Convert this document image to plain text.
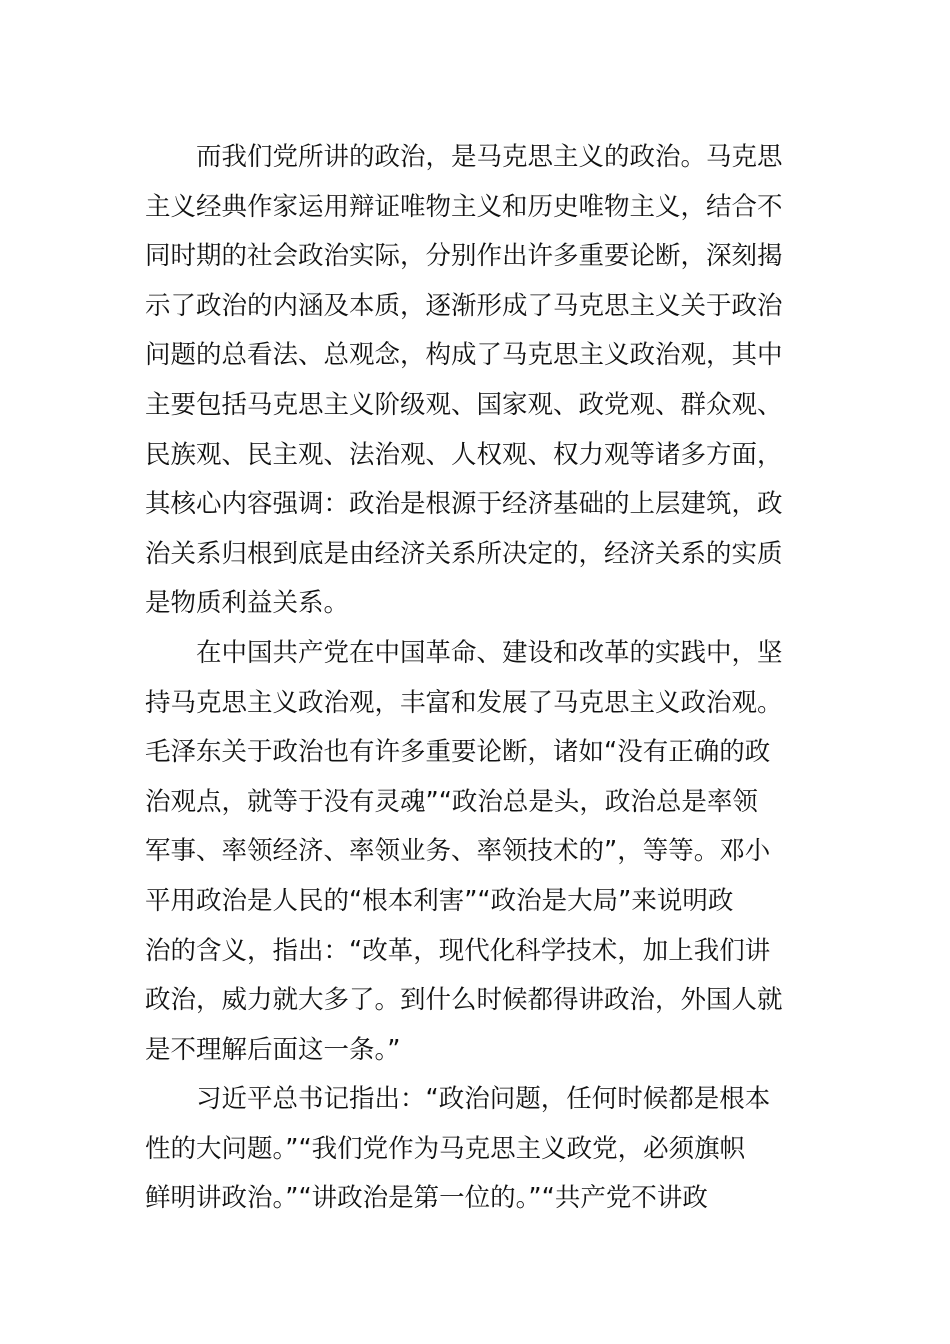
而我们党所讲的政治，是马克思主义的政治。马克思
主义经典作家运用辩证唯物主义和历史唯物主义，结合不
同时期的社会政治实际，分别作出许多重要论断，深刻揭
示了政治的内涵及本质，逐渐形成了马克思主义关于政治
问题的总看法、总观念，构成了马克思主义政治观，其中
主要包括马克思主义阶级观、国家观、政党观、群众观、
民族观、民主观、法治观、人权观、权力观等诸多方面，
其核心内容强调：政治是根源于经济基础的上层建筑，政
治关系归根到底是由经济关系所决定的，经济关系的实质
是物质利益关系。
在中国共产党在中国革命、建设和改革的实践中，坚
持马克思主义政治观，丰富和发展了马克思主义政治观。
毛泽东关于政治也有许多重要论断，诸如“没有正确的政
治观点，就等于没有灵魂”“政治总是头，政治总是率领
军事、率领经济、率领业务、率领技术的”，等等。邓小
平用政治是人民的“根本利害”“政治是大局”来说明政
治的含义，指出：“改革，现代化科学技术，加上我们讲
政治，威力就大多了。到什么时候都得讲政治，外国人就
是不理解后面这一条。”
习近平总书记指出：“政治问题，任何时候都是根本
性的大问题。”“我们党作为马克思主义政党，必须旗帜
鲜明讲政治。”“讲政治是第一位的。”“共产党不讲政
